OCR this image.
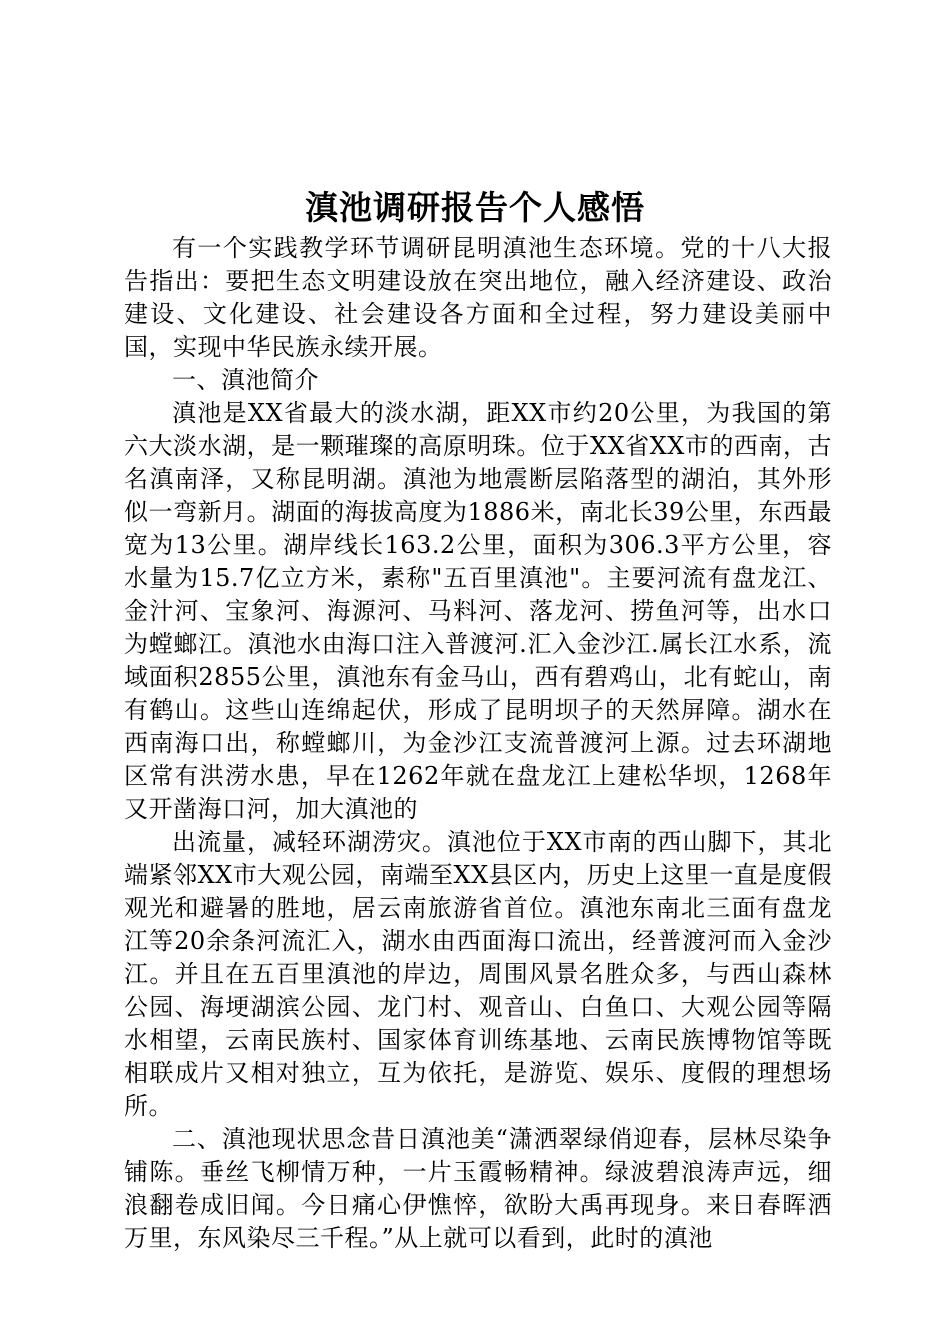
滇池调研报告个人感悟

有一个实践教学环节调研昆明滇池生态环境。党的十八大报告指出：要把生态文明建设放在突出地位，融入经济建设、政治建设、文化建设、社会建设各方面和全过程，努力建设美丽中国，实现中华民族永续开展。

一、滇池简介

滇池是XX省最大的淡水湖，距XX市约20公里，为我国的第六大淡水湖，是一颗璀璨的高原明珠。位于XX省XX市的西南，古名滇南泽，又称昆明湖。滇池为地震断层陷落型的湖泊，其外形似一弯新月。湖面的海拔高度为1886米，南北长39公里，东西最宽为13公里。湖岸线长163.2公里，面积为306.3平方公里，容水量为15.7亿立方米，素称"五百里滇池"。主要河流有盘龙江、金汁河、宝象河、海源河、马料河、落龙河、捞鱼河等，出水口为螳螂江。滇池水由海口注入普渡河.汇入金沙江.属长江水系，流域面积2855公里，滇池东有金马山，西有碧鸡山，北有蛇山，南有鹤山。这些山连绵起伏，形成了昆明坝子的天然屏障。湖水在西南海口出，称螳螂川，为金沙江支流普渡河上源。过去环湖地区常有洪涝水患，早在1262年就在盘龙江上建松华坝，1268年又开凿海口河，加大滇池的

出流量，减轻环湖涝灾。滇池位于XX市南的西山脚下，其北端紧邻XX市大观公园，南端至XX县区内，历史上这里一直是度假观光和避暑的胜地，居云南旅游省首位。滇池东南北三面有盘龙江等20余条河流汇入，湖水由西面海口流出，经普渡河而入金沙江。并且在五百里滇池的岸边，周围风景名胜众多，与西山森林公园、海埂湖滨公园、龙门村、观音山、白鱼口、大观公园等隔水相望，云南民族村、国家体育训练基地、云南民族博物馆等既相联成片又相对独立，互为依托，是游览、娱乐、度假的理想场所。

二、滇池现状思念昔日滇池美“潇洒翠绿俏迎春，层林尽染争铺陈。垂丝飞柳情万种，一片玉霞畅精神。绿波碧浪涛声远，细浪翻卷成旧闻。今日痛心伊憔悴，欲盼大禹再现身。来日春晖洒万里，东风染尽三千程。”从上就可以看到，此时的滇池
